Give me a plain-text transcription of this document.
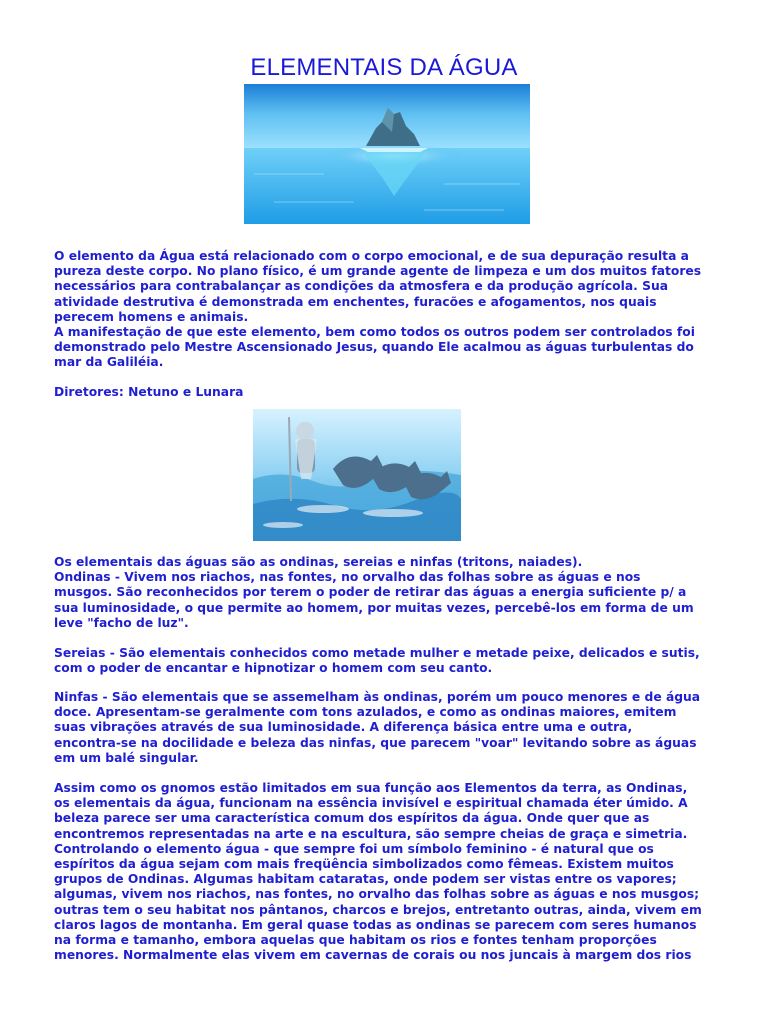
ELEMENTAIS DA ÁGUA
O elemento da Água está relacionado com o corpo emocional, e de sua depuração resulta a
pureza deste corpo. No plano físico, é um grande agente de limpeza e um dos muitos fatores
necessários para contrabalançar as condições da atmosfera e da produção agrícola. Sua
atividade destrutiva é demonstrada em enchentes, furacões e afogamentos, nos quais
perecem homens e animais.
A manifestação de que este elemento, bem como todos os outros podem ser controlados foi
demonstrado pelo Mestre Ascensionado Jesus, quando Ele acalmou as águas turbulentas do
mar da Galiléia.
Diretores: Netuno e Lunara
Os elementais das águas são as ondinas, sereias e ninfas (tritons, naiades).
Ondinas - Vivem nos riachos, nas fontes, no orvalho das folhas sobre as águas e nos
musgos. São reconhecidos por terem o poder de retirar das águas a energia suficiente p/ a
sua luminosidade, o que permite ao homem, por muitas vezes, percebê-los em forma de um
leve "facho de luz".
Sereias - São elementais conhecidos como metade mulher e metade peixe, delicados e sutis,
com o poder de encantar e hipnotizar o homem com seu canto.
Ninfas - São elementais que se assemelham às ondinas, porém um pouco menores e de água
doce. Apresentam-se geralmente com tons azulados, e como as ondinas maiores, emitem
suas vibrações através de sua luminosidade. A diferença básica entre uma e outra,
encontra-se na docilidade e beleza das ninfas, que parecem "voar" levitando sobre as águas
em um balé singular.
Assim como os gnomos estão limitados em sua função aos Elementos da terra, as Ondinas,
os elementais da água, funcionam na essência invisível e espiritual chamada éter úmido. A
beleza parece ser uma característica comum dos espíritos da água. Onde quer que as
encontremos representadas na arte e na escultura, são sempre cheias de graça e simetria.
Controlando o elemento água - que sempre foi um símbolo feminino - é natural que os
espíritos da água sejam com mais freqüência simbolizados como fêmeas. Existem muitos
grupos de Ondinas. Algumas habitam cataratas, onde podem ser vistas entre os vapores;
algumas, vivem nos riachos, nas fontes, no orvalho das folhas sobre as águas e nos musgos;
outras tem o seu habitat nos pântanos, charcos e brejos, entretanto outras, ainda, vivem em
claros lagos de montanha. Em geral quase todas as ondinas se parecem com seres humanos
na forma e tamanho, embora aquelas que habitam os rios e fontes tenham proporções
menores. Normalmente elas vivem em cavernas de corais ou nos juncais à margem dos rios
